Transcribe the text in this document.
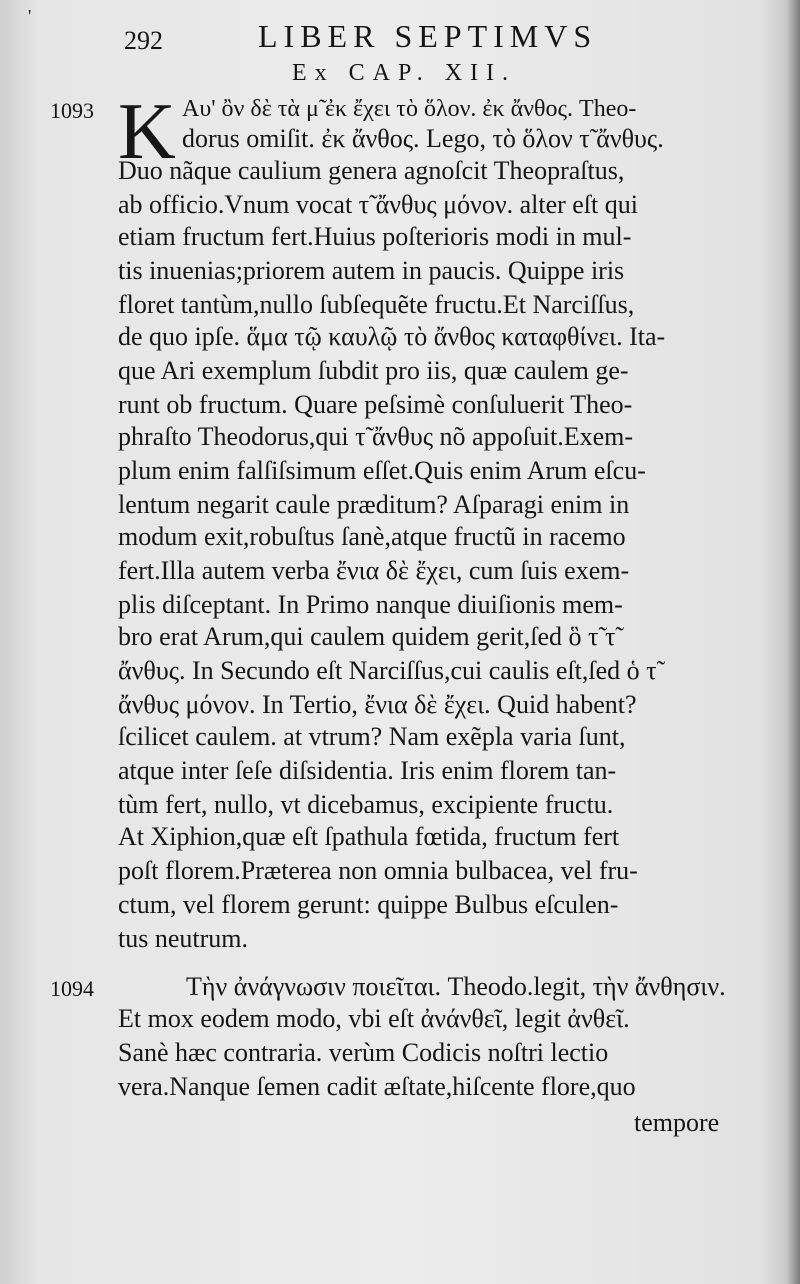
'
292	LIBER SEPTIMVS
Ex CAP. XII.
1093
1094
K Αυ' ὂν δὲ τὰ μ̃ ἐκ ἔχει τὸ ὅλον. ἐκ ἄνθος. Theo-
dorus omiſit. ἐκ ἄνθος. Lego, τὸ ὅλον τ̃ ἄνθυς.
Duo nãque caulium genera agnoſcit Theopraſtus,
ab officio.Vnum vocat τ̃ ἄνθυς μόνον. alter eſt qui
etiam fructum fert.Huius poſterioris modi in mul-
tis inuenias;priorem autem in paucis. Quippe iris
floret tantùm,nullo ſubſequẽte fructu.Et Narciſſus,
de quo ipſe. ἅμα τῷ καυλῷ τὸ ἄνθος καταφθίνει. Ita-
que Ari exemplum ſubdit pro iis, quæ caulem ge-
runt ob fructum. Quare peſsimè conſuluerit Theo-
phraſto Theodorus,qui τ̃ ἄνθυς nõ appoſuit.Exem-
plum enim falſiſsimum eſſet.Quis enim Arum eſcu-
lentum negarit caule præditum? Aſparagi enim in
modum exit,robuſtus ſanè,atque fructũ in racemo
fert.Illa autem verba ἔνια δὲ ἔχει, cum ſuis exem-
plis diſceptant. In Primo nanque diuiſionis mem-
bro erat Arum,qui caulem quidem gerit,ſed ὃ τ̃ τ̃
ἄνθυς. In Secundo eſt Narciſſus,cui caulis eſt,ſed ὁ τ̃
ἄνθυς μόνον. In Tertio, ἔνια δὲ ἔχει. Quid habent?
ſcilicet caulem. at vtrum? Nam exẽpla varia ſunt,
atque inter ſeſe diſsidentia. Iris enim florem tan-
tùm fert, nullo, vt dicebamus, excipiente fructu.
At Xiphion,quæ eſt ſpathula fœtida, fructum fert
poſt florem.Præterea non omnia bulbacea, vel fru-
ctum, vel florem gerunt: quippe Bulbus eſculen-
tus neutrum.
Τὴν ἀνάγνωσιν ποιεῖται. Theodo.legit, τὴν ἄνθησιν.
Et mox eodem modo, vbi eſt ἀνάνθεῖ, legit ἀνθεῖ.
Sanè hæc contraria. verùm Codicis noſtri lectio
vera.Nanque ſemen cadit æſtate,hiſcente flore,quo
tempore
